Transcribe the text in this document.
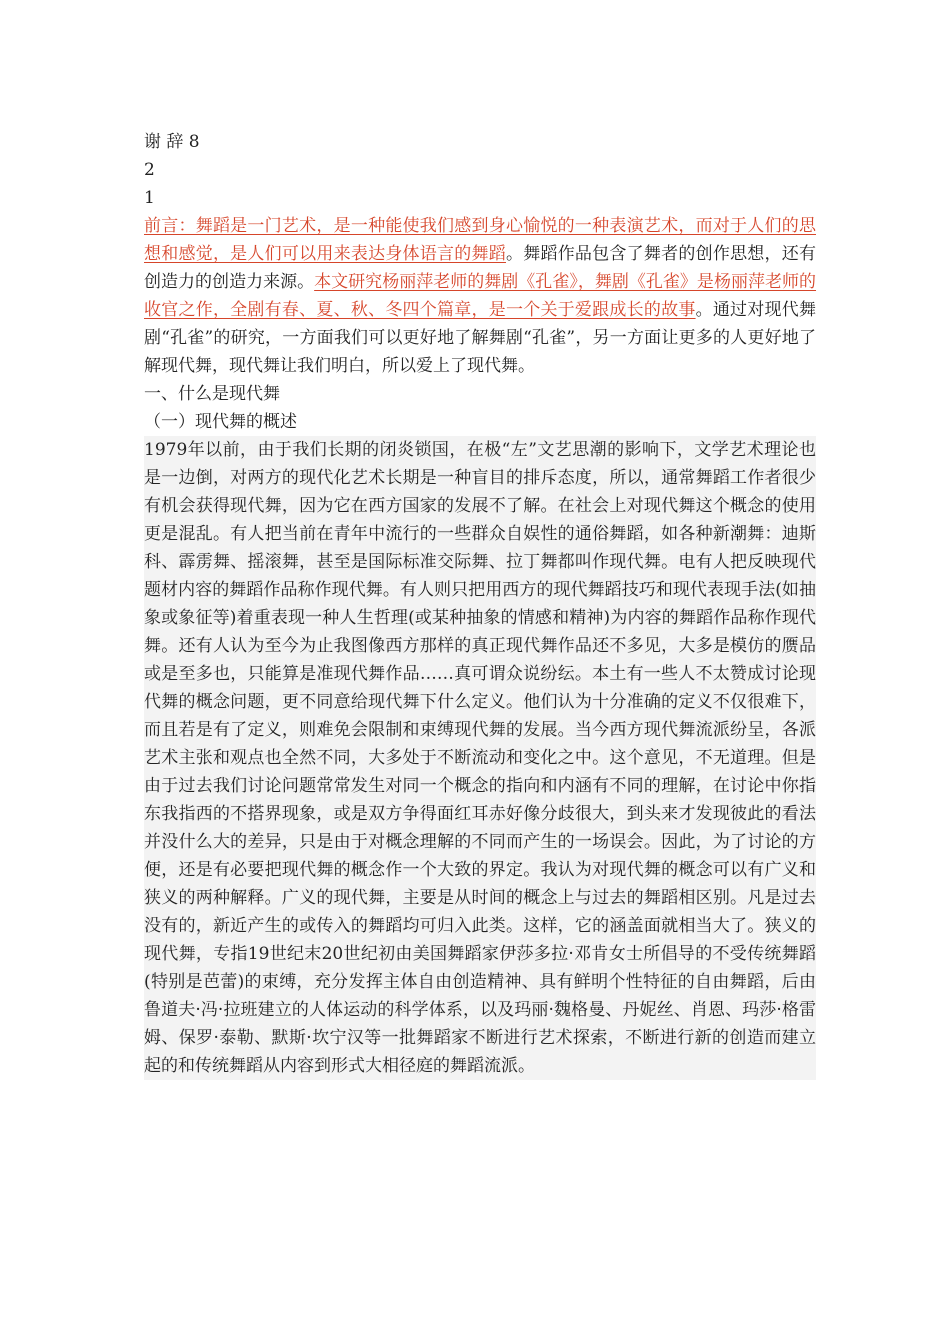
谢 辞 8
2
1
前言：舞蹈是一门艺术，是一种能使我们感到身心愉悦的一种表演艺术，而对于人们的思想和感觉，是人们可以用来表达身体语言的舞蹈。舞蹈作品包含了舞者的创作思想，还有创造力的创造力来源。本文研究杨丽萍老师的舞剧《孔雀》，舞剧《孔雀》是杨丽萍老师的收官之作，全剧有春、夏、秋、冬四个篇章，是一个关于爱跟成长的故事。通过对现代舞剧“孔雀”的研究，一方面我们可以更好地了解舞剧“孔雀”，另一方面让更多的人更好地了解现代舞，现代舞让我们明白，所以爱上了现代舞。
一、什么是现代舞
（一）现代舞的概述
1979年以前，由于我们长期的闭炎锁国，在极“左”文艺思潮的影响下，文学艺术理论也是一边倒，对两方的现代化艺术长期是一种盲目的排斥态度，所以，通常舞蹈工作者很少有机会获得现代舞，因为它在西方国家的发展不了解。在社会上对现代舞这个概念的使用更是混乱。有人把当前在青年中流行的一些群众自娱性的通俗舞蹈，如各种新潮舞：迪斯科、霹雳舞、摇滚舞，甚至是国际标准交际舞、拉丁舞都叫作现代舞。电有人把反映现代题材内容的舞蹈作品称作现代舞。有人则只把用西方的现代舞蹈技巧和现代表现手法(如抽象或象征等)着重表现一种人生哲理(或某种抽象的情感和精神)为内容的舞蹈作品称作现代舞。还有人认为至今为止我图像西方那样的真正现代舞作品还不多见，大多是模仿的赝品或是至多也，只能算是准现代舞作品……真可谓众说纷纭。本土有一些人不太赞成讨论现代舞的概念问题，更不同意给现代舞下什么定义。他们认为十分准确的定义不仅很难下，而且若是有了定义，则难免会限制和束缚现代舞的发展。当今西方现代舞流派纷呈，各派艺术主张和观点也全然不同，大多处于不断流动和变化之中。这个意见，不无道理。但是由于过去我们讨论问题常常发生对同一个概念的指向和内涵有不同的理解，在讨论中你指东我指西的不搭界现象，或是双方争得面红耳赤好像分歧很大，到头来才发现彼此的看法并没什么大的差异，只是由于对概念理解的不同而产生的一场误会。因此，为了讨论的方便，还是有必要把现代舞的概念作一个大致的界定。我认为对现代舞的概念可以有广义和狭义的两种解释。广义的现代舞，主要是从时间的概念上与过去的舞蹈相区别。凡是过去没有的，新近产生的或传入的舞蹈均可归入此类。这样，它的涵盖面就相当大了。狭义的现代舞，专指19世纪末20世纪初由美国舞蹈家伊莎多拉·邓肯女士所倡导的不受传统舞蹈(特别是芭蕾)的束缚，充分发挥主体自由创造精神、具有鲜明个性特征的自由舞蹈，后由鲁道夫·冯·拉班建立的人体运动的科学体系，以及玛丽·魏格曼、丹妮丝、肖恩、玛莎·格雷姆、保罗·泰勒、默斯·坎宁汉等一批舞蹈家不断进行艺术探索，不断进行新的创造而建立起的和传统舞蹈从内容到形式大相径庭的舞蹈流派。
